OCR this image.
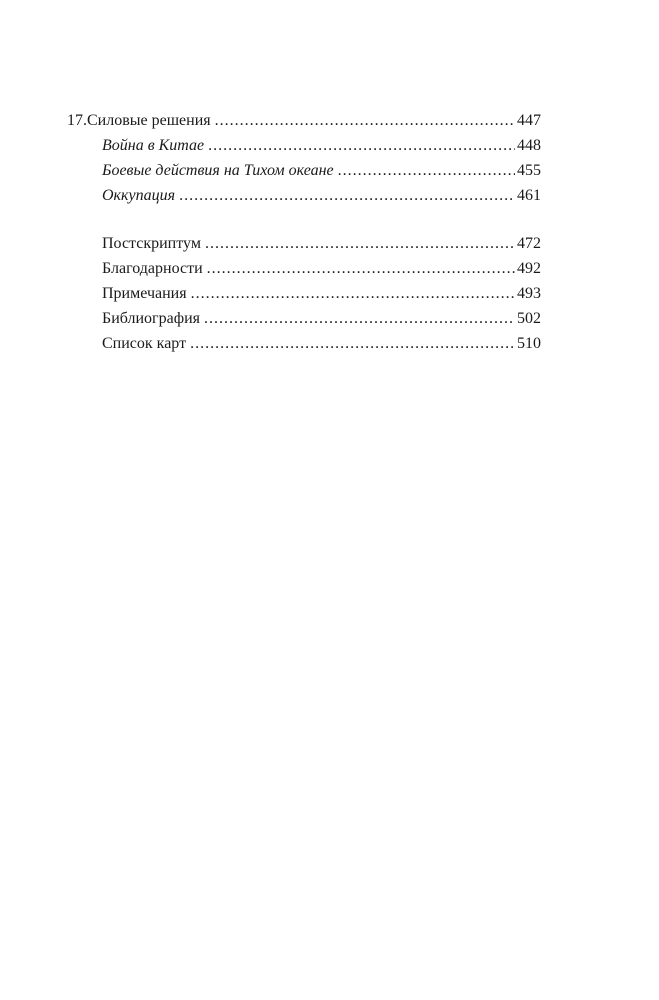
17. Силовые решения .....	447
Война в Китае .....	448
Боевые действия на Тихом океане .....	455
Оккупация .....	461
Постскриптум .....	472
Благодарности .....	492
Примечания .....	493
Библиография .....	502
Список карт .....	510
